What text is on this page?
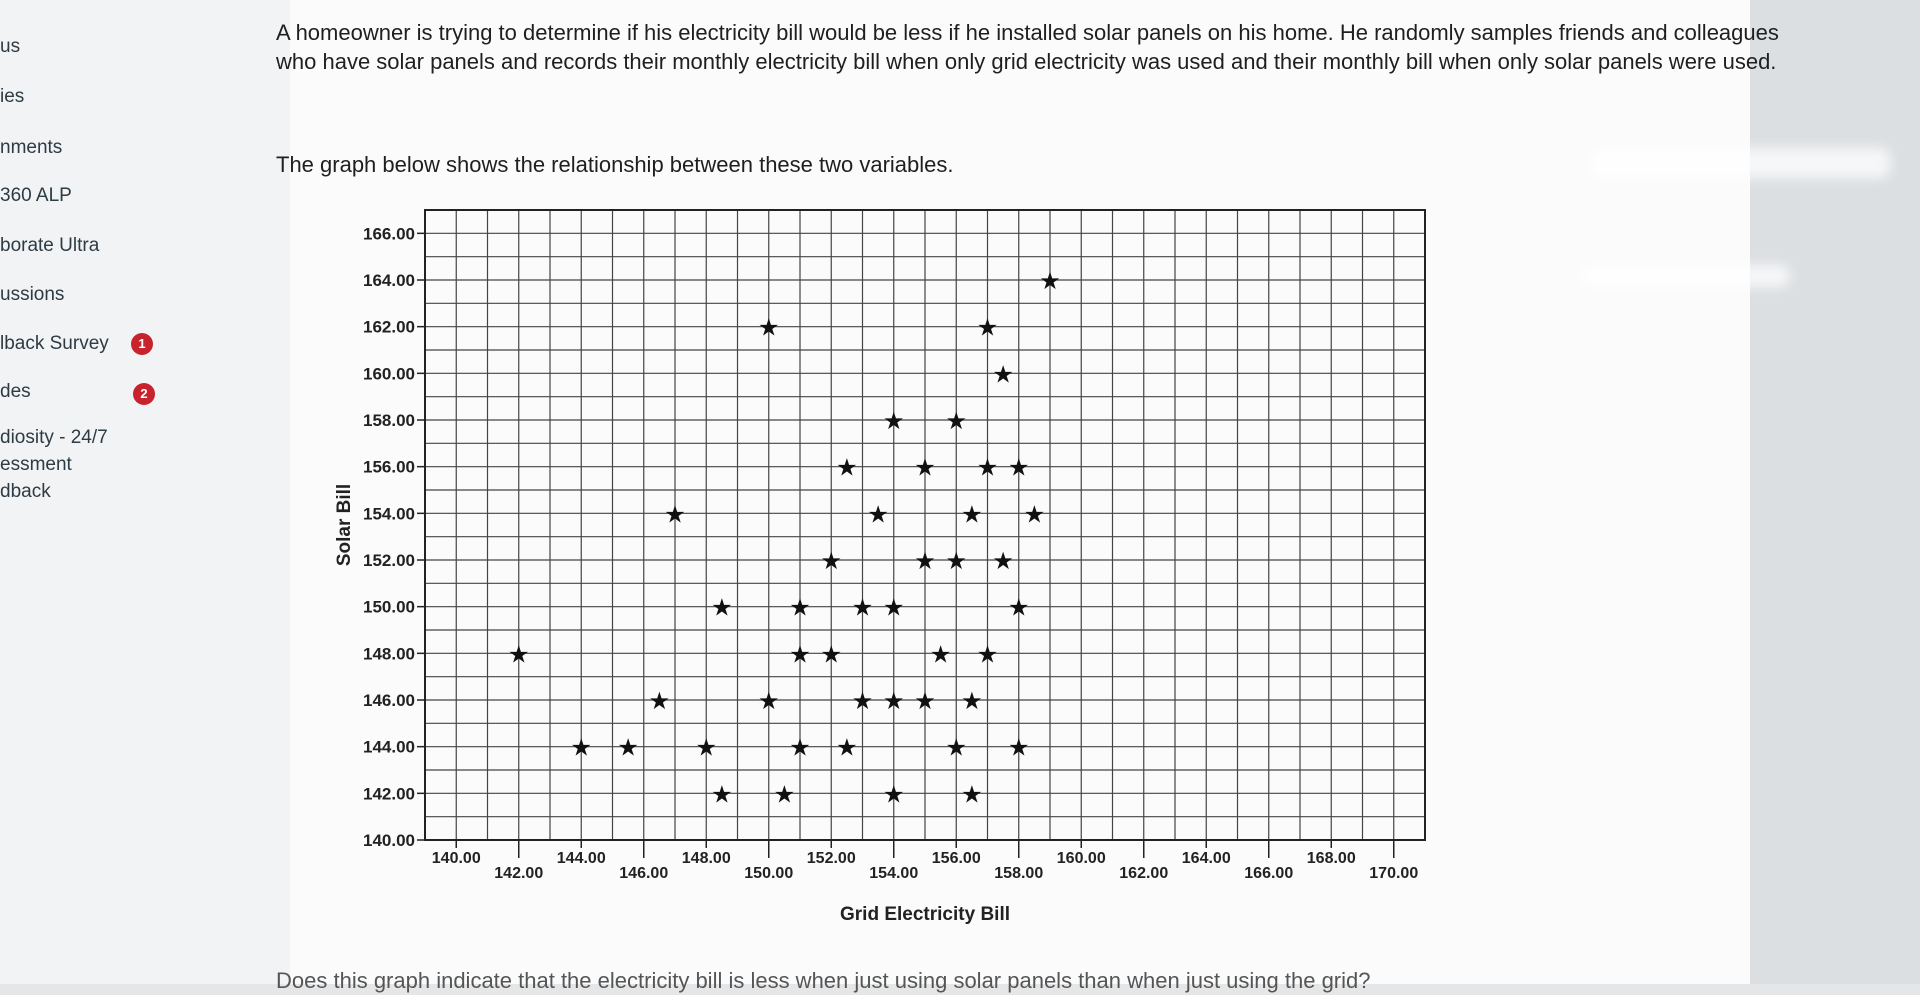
us
ies
nments
360 ALP
borate Ultra
ussions
lback Survey	1
des	2
diosity - 24/7
essment
dback
A homeowner is trying to determine if his electricity bill would be less if he installed solar panels on his home. He randomly samples friends and colleagues who have solar panels and records their monthly electricity bill when only grid electricity was used and their monthly bill when only solar panels were used.
The graph below shows the relationship between these two variables.
140.00
142.00
144.00
146.00
148.00
150.00
152.00
154.00
156.00
158.00
160.00
162.00
164.00
166.00
140.00
142.00
144.00
146.00
148.00
150.00
152.00
154.00
156.00
158.00
160.00
162.00
164.00
166.00
168.00
170.00
★
★ ★
★
★
★
★
★
★
★
★
★
★
★
★
★
★
★
★
★
★
★
★
★
★
★
★
★
★
★
★
★
★
★
★
★
★
★
★
★
★
★
★
★
★
Solar Bill
Grid Electricity Bill
Does this graph indicate that the electricity bill is less when just using solar panels than when just using the grid?
